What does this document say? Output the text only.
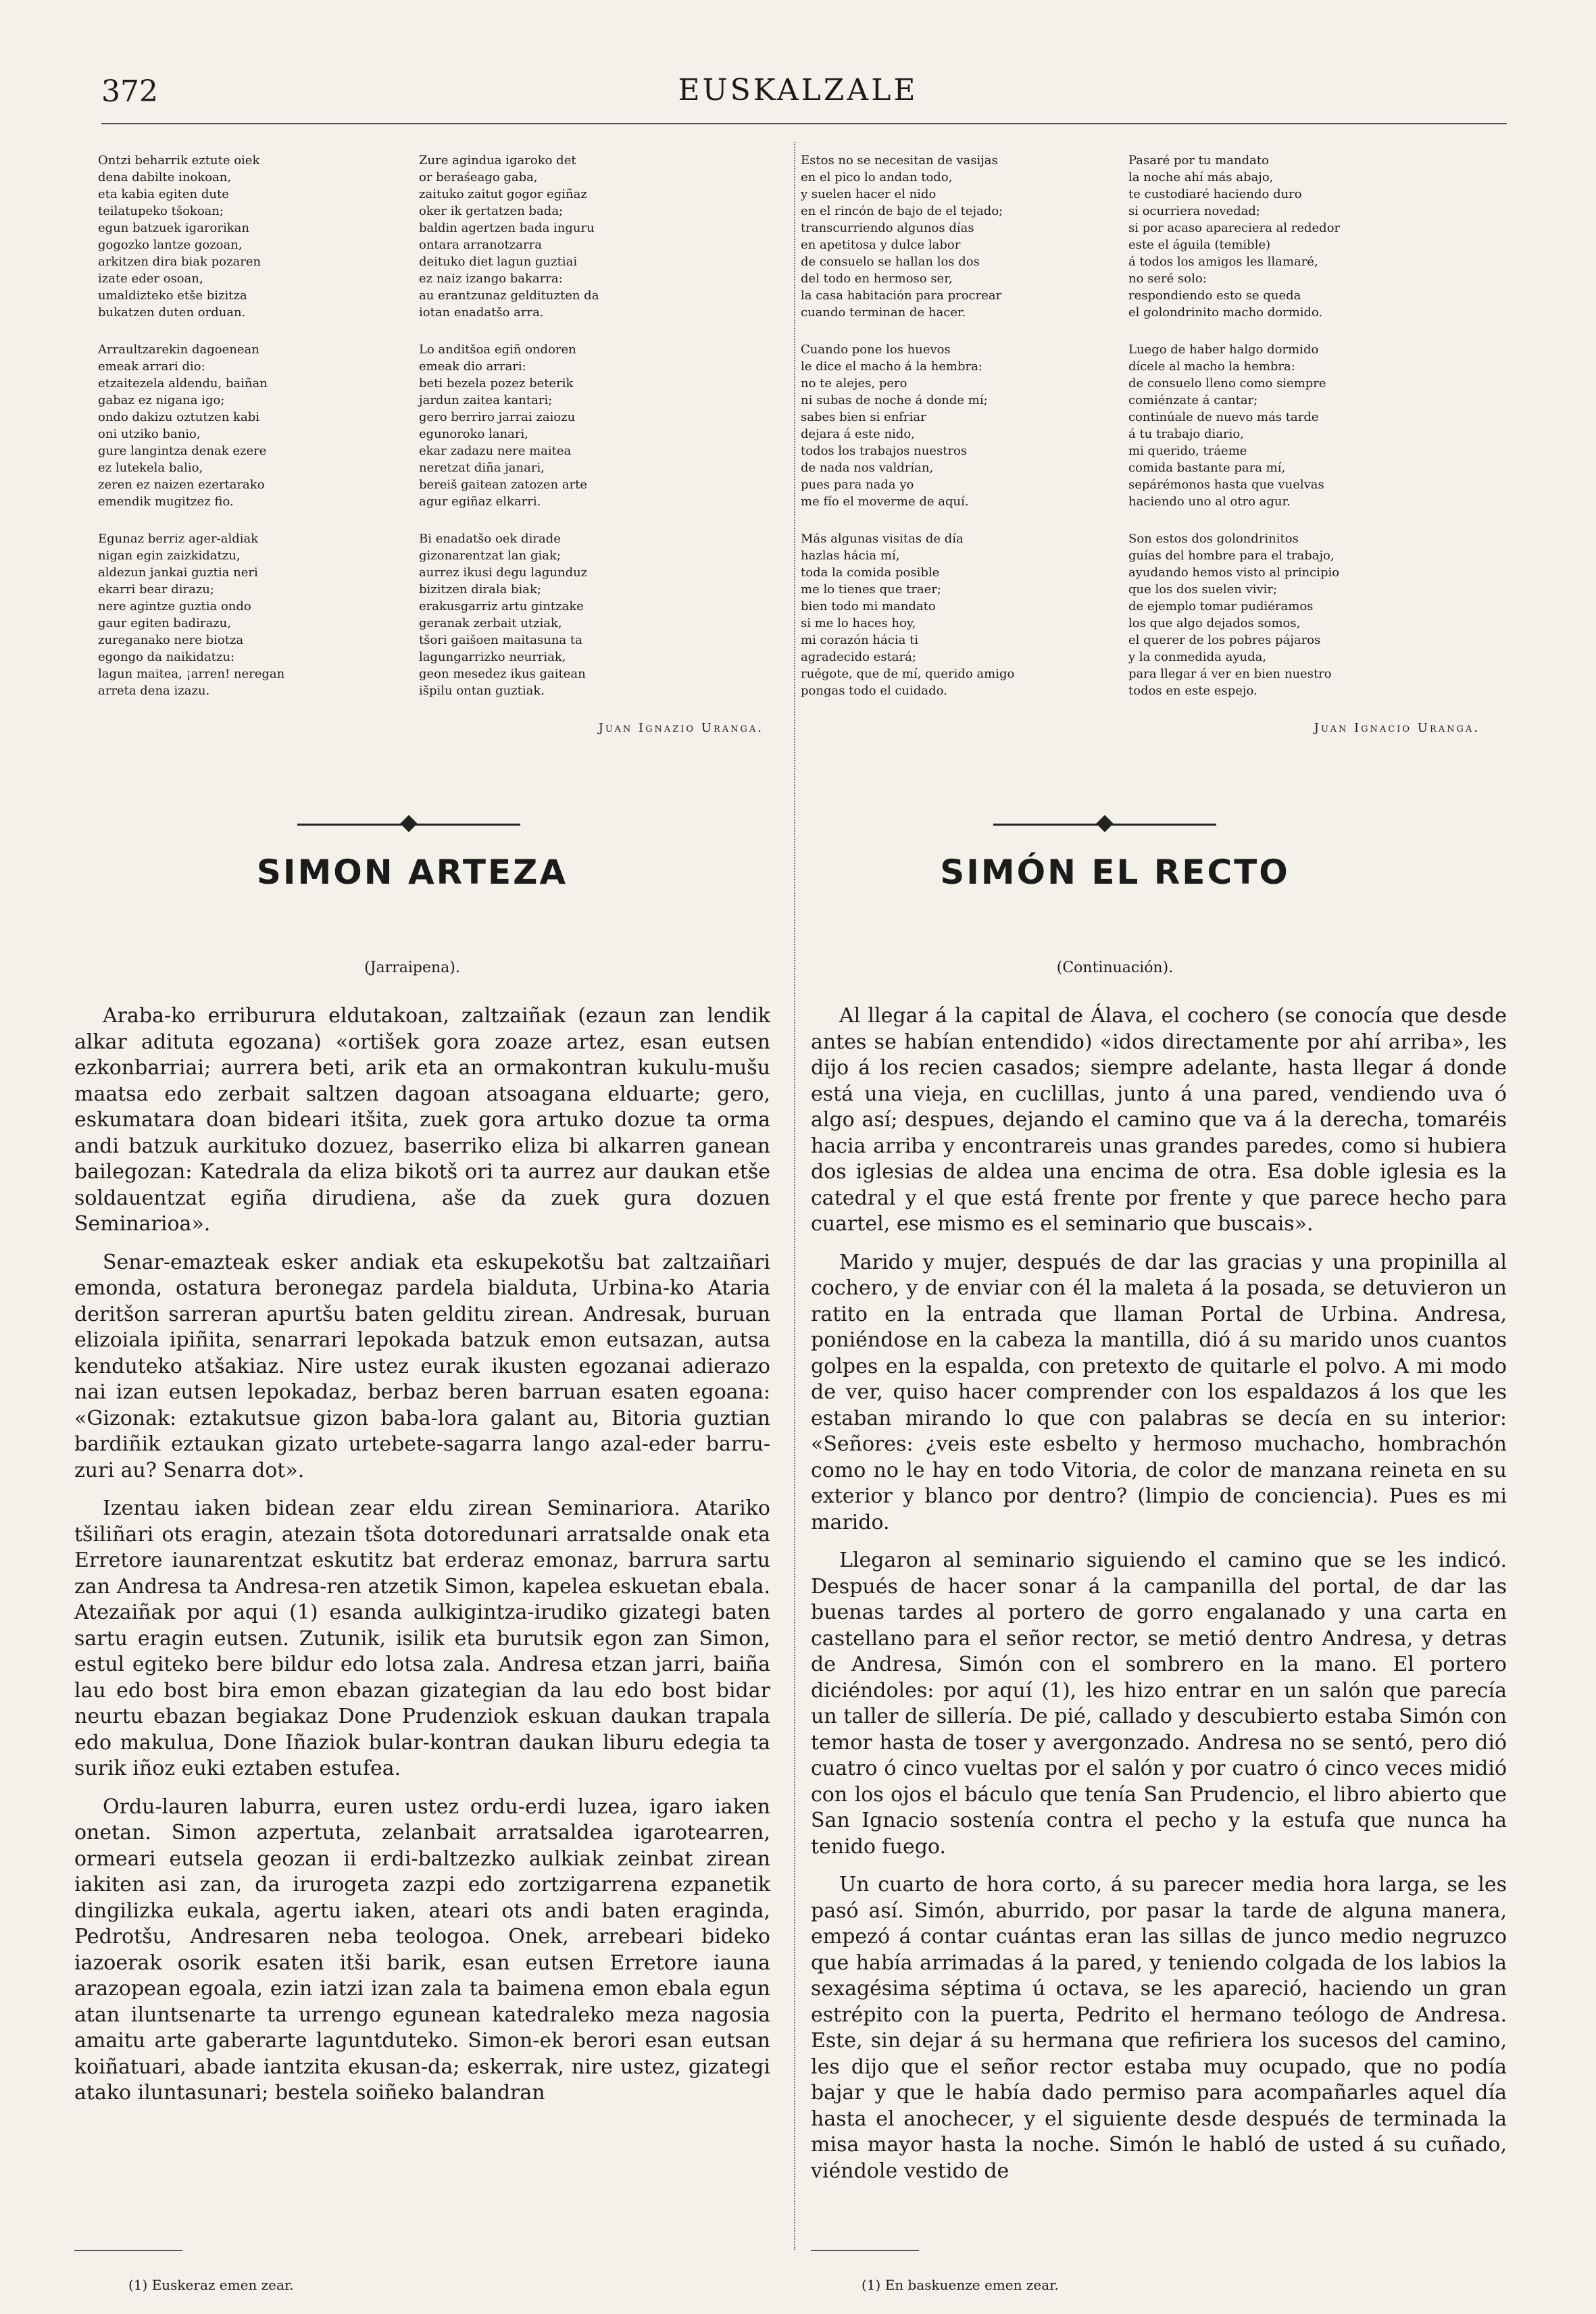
372	EUSKALZALE
Ontzi beharrik eztute oiek
dena dabilte inokoan,
eta kabia egiten dute
teilatupeko tšokoan;
egun batzuek igarorikan
gogozko lantze gozoan,
arkitzen dira biak pozaren
izate eder osoan,
umaldizteko etše bizitza
bukatzen duten orduan.
Arraultzarekin dagoenean
emeak arrari dio:
etzaitezela aldendu, baiñan
gabaz ez nigana igo;
ondo dakizu oztutzen kabi
oni utziko banio,
gure langintza denak ezere
ez lutekela balio,
zeren ez naizen ezertarako
emendik mugitzez fio.
Egunaz berriz ager-aldiak
nigan egin zaizkidatzu,
aldezun jankai guztia neri
ekarri bear dirazu;
nere agintze guztia ondo
gaur egiten badirazu,
zureganako nere biotza
egongo da naikidatzu:
lagun maitea, ¡arren! neregan
arreta dena izazu.
Zure agindua igaroko det
or beraśeago gaba,
zaituko zaitut gogor egiñaz
oker ik gertatzen bada;
baldin agertzen bada inguru
ontara arranotzarra
deituko diet lagun guztiai
ez naiz izango bakarra:
au erantzunaz geldituzten da
iotan enadatšo arra.
Lo anditšoa egiñ ondoren
emeak dio arrari:
beti bezela pozez beterik
jardun zaitea kantari;
gero berriro jarrai zaiozu
egunoroko lanari,
ekar zadazu nere maitea
neretzat diña janari,
bereiš gaitean zatozen arte
agur egiñaz elkarri.
Bi enadatšo oek dirade
gizonarentzat lan giak;
aurrez ikusi degu lagunduz
bizitzen dirala biak;
erakusgarriz artu gintzake
geranak zerbait utziak,
tšori gaišoen maitasuna ta
lagungarrizko neurriak,
geon mesedez ikus gaitean
išpilu ontan guztiak.
Juan Ignazio Uranga.
Estos no se necesitan de vasijas
en el pico lo andan todo,
y suelen hacer el nido
en el rincón de bajo de el tejado;
transcurriendo algunos días
en apetitosa y dulce labor
de consuelo se hallan los dos
del todo en hermoso ser,
la casa habitación para procrear
cuando terminan de hacer.
Cuando pone los huevos
le dice el macho á la hembra:
no te alejes, pero
ni subas de noche á donde mí;
sabes bien si enfriar
dejara á este nido,
todos los trabajos nuestros
de nada nos valdrían,
pues para nada yo
me fío el moverme de aquí.
Más algunas visitas de día
hazlas hácia mí,
toda la comida posible
me lo tienes que traer;
bien todo mi mandato
si me lo haces hoy,
mi corazón hácia ti
agradecido estará;
ruégote, que de mí, querido amigo
pongas todo el cuidado.
Pasaré por tu mandato
la noche ahí más abajo,
te custodiaré haciendo duro
si ocurriera novedad;
si por acaso apareciera al rededor
este el águila (temible)
á todos los amigos les llamaré,
no seré solo:
respondiendo esto se queda
el golondrinito macho dormido.
Luego de haber halgo dormido
dícele al macho la hembra:
de consuelo lleno como siempre
comiénzate á cantar;
continúale de nuevo más tarde
á tu trabajo diario,
mi querido, tráeme
comida bastante para mí,
sepárémonos hasta que vuelvas
haciendo uno al otro agur.
Son estos dos golondrinitos
guías del hombre para el trabajo,
ayudando hemos visto al principio
que los dos suelen vivir;
de ejemplo tomar pudiéramos
los que algo dejados somos,
el querer de los pobres pájaros
y la conmedida ayuda,
para llegar á ver en bien nuestro
todos en este espejo.
Juan Ignacio Uranga.
SIMON ARTEZA	SIMÓN EL RECTO
(Jarraipena).	(Continuación).

Araba-ko erriburura eldutakoan, zaltzaiñak (ezaun zan lendik alkar adituta egozana) «ortišek gora zoaze artez, esan eutsen ezkonbarriai; aurrera beti, arik eta an ormakontran kukulu-mušu maatsa edo zerbait saltzen dagoan atsoagana elduarte; gero, eskumatara doan bideari itšita, zuek gora artuko dozue ta orma andi batzuk aurkituko dozuez, baserriko eliza bi alkarren ganean bailegozan: Katedrala da eliza bikotš ori ta aurrez aur daukan etše soldauentzat egiña dirudiena, aše da zuek gura dozuen Seminarioa».

Senar-emazteak esker andiak eta eskupekotšu bat zaltzaiñari emonda, ostatura beronegaz pardela bialduta, Urbina-ko Ataria deritšon sarreran apurtšu baten gelditu zirean. Andresak, buruan elizoiala ipiñita, senarrari lepokada batzuk emon eutsazan, autsa kenduteko atšakiaz. Nire ustez eurak ikusten egozanai adierazo nai izan eutsen lepokadaz, berbaz beren barruan esaten egoana: «Gizonak: eztakutsue gizon baba-lora galant au, Bitoria guztian bardiñik eztaukan gizato urtebete-sagarra lango azal-eder barru-zuri au? Senarra dot».

Izentau iaken bidean zear eldu zirean Seminariora. Atariko tšiliñari ots eragin, atezain tšota dotoredunari arratsalde onak eta Erretore iaunarentzat eskutitz bat erderaz emonaz, barrura sartu zan Andresa ta Andresa-ren atzetik Simon, kapelea eskuetan ebala. Atezaiñak por aqui (1) esanda aulkigintza-irudiko gizategi baten sartu eragin eutsen. Zutunik, isilik eta burutsik egon zan Simon, estul egiteko bere bildur edo lotsa zala. Andresa etzan jarri, baiña lau edo bost bira emon ebazan gizategian da lau edo bost bidar neurtu ebazan begiakaz Done Prudenziok eskuan daukan trapala edo makulua, Done Iñaziok bular-kontran daukan liburu edegia ta surik iñoz euki eztaben estufea.

Ordu-lauren laburra, euren ustez ordu-erdi luzea, igaro iaken onetan. Simon azpertuta, zelanbait arratsaldea igarotearren, ormeari eutsela geozan ii erdi-baltzezko aulkiak zeinbat zirean iakiten asi zan, da irurogeta zazpi edo zortzigarrena ezpanetik dingilizka eukala, agertu iaken, ateari ots andi baten eraginda, Pedrotšu, Andresaren neba teologoa. Onek, arrebeari bideko iazoerak osorik esaten itši barik, esan eutsen Erretore iauna arazopean egoala, ezin iatzi izan zala ta baimena emon ebala egun atan iluntsenarte ta urrengo egunean katedraleko meza nagosia amaitu arte gaberarte laguntduteko. Simon-ek berori esan eutsan koiñatuari, abade iantzita ekusan-da; eskerrak, nire ustez, gizategi atako iluntasunari; bestela soiñeko balandran

Al llegar á la capital de Álava, el cochero (se conocía que desde antes se habían entendido) «idos directamente por ahí arriba», les dijo á los recien casados; siempre adelante, hasta llegar á donde está una vieja, en cuclillas, junto á una pared, vendiendo uva ó algo así; despues, dejando el camino que va á la derecha, tomaréis hacia arriba y encontrareis unas grandes paredes, como si hubiera dos iglesias de aldea una encima de otra. Esa doble iglesia es la catedral y el que está frente por frente y que parece hecho para cuartel, ese mismo es el seminario que buscais».

Marido y mujer, después de dar las gracias y una propinilla al cochero, y de enviar con él la maleta á la posada, se detuvieron un ratito en la entrada que llaman Portal de Urbina. Andresa, poniéndose en la cabeza la mantilla, dió á su marido unos cuantos golpes en la espalda, con pretexto de quitarle el polvo. A mi modo de ver, quiso hacer comprender con los espaldazos á los que les estaban mirando lo que con palabras se decía en su interior: «Señores: ¿veis este esbelto y hermoso muchacho, hombrachón como no le hay en todo Vitoria, de color de manzana reineta en su exterior y blanco por dentro? (limpio de conciencia). Pues es mi marido.

Llegaron al seminario siguiendo el camino que se les indicó. Después de hacer sonar á la campanilla del portal, de dar las buenas tardes al portero de gorro engalanado y una carta en castellano para el señor rector, se metió dentro Andresa, y detras de Andresa, Simón con el sombrero en la mano. El portero diciéndoles: por aquí (1), les hizo entrar en un salón que parecía un taller de sillería. De pié, callado y descubierto estaba Simón con temor hasta de toser y avergonzado. Andresa no se sentó, pero dió cuatro ó cinco vueltas por el salón y por cuatro ó cinco veces midió con los ojos el báculo que tenía San Prudencio, el libro abierto que San Ignacio sostenía contra el pecho y la estufa que nunca ha tenido fuego.

Un cuarto de hora corto, á su parecer media hora larga, se les pasó así. Simón, aburrido, por pasar la tarde de alguna manera, empezó á contar cuántas eran las sillas de junco medio negruzco que había arrimadas á la pared, y teniendo colgada de los labios la sexagésima séptima ú octava, se les apareció, haciendo un gran estrépito con la puerta, Pedrito el hermano teólogo de Andresa. Este, sin dejar á su hermana que refiriera los sucesos del camino, les dijo que el señor rector estaba muy ocupado, que no podía bajar y que le había dado permiso para acompañarles aquel día hasta el anochecer, y el siguiente desde después de terminada la misa mayor hasta la noche. Simón le habló de usted á su cuñado, viéndole vestido de

(1) Euskeraz emen zear.	(1) En baskuenze emen zear.
